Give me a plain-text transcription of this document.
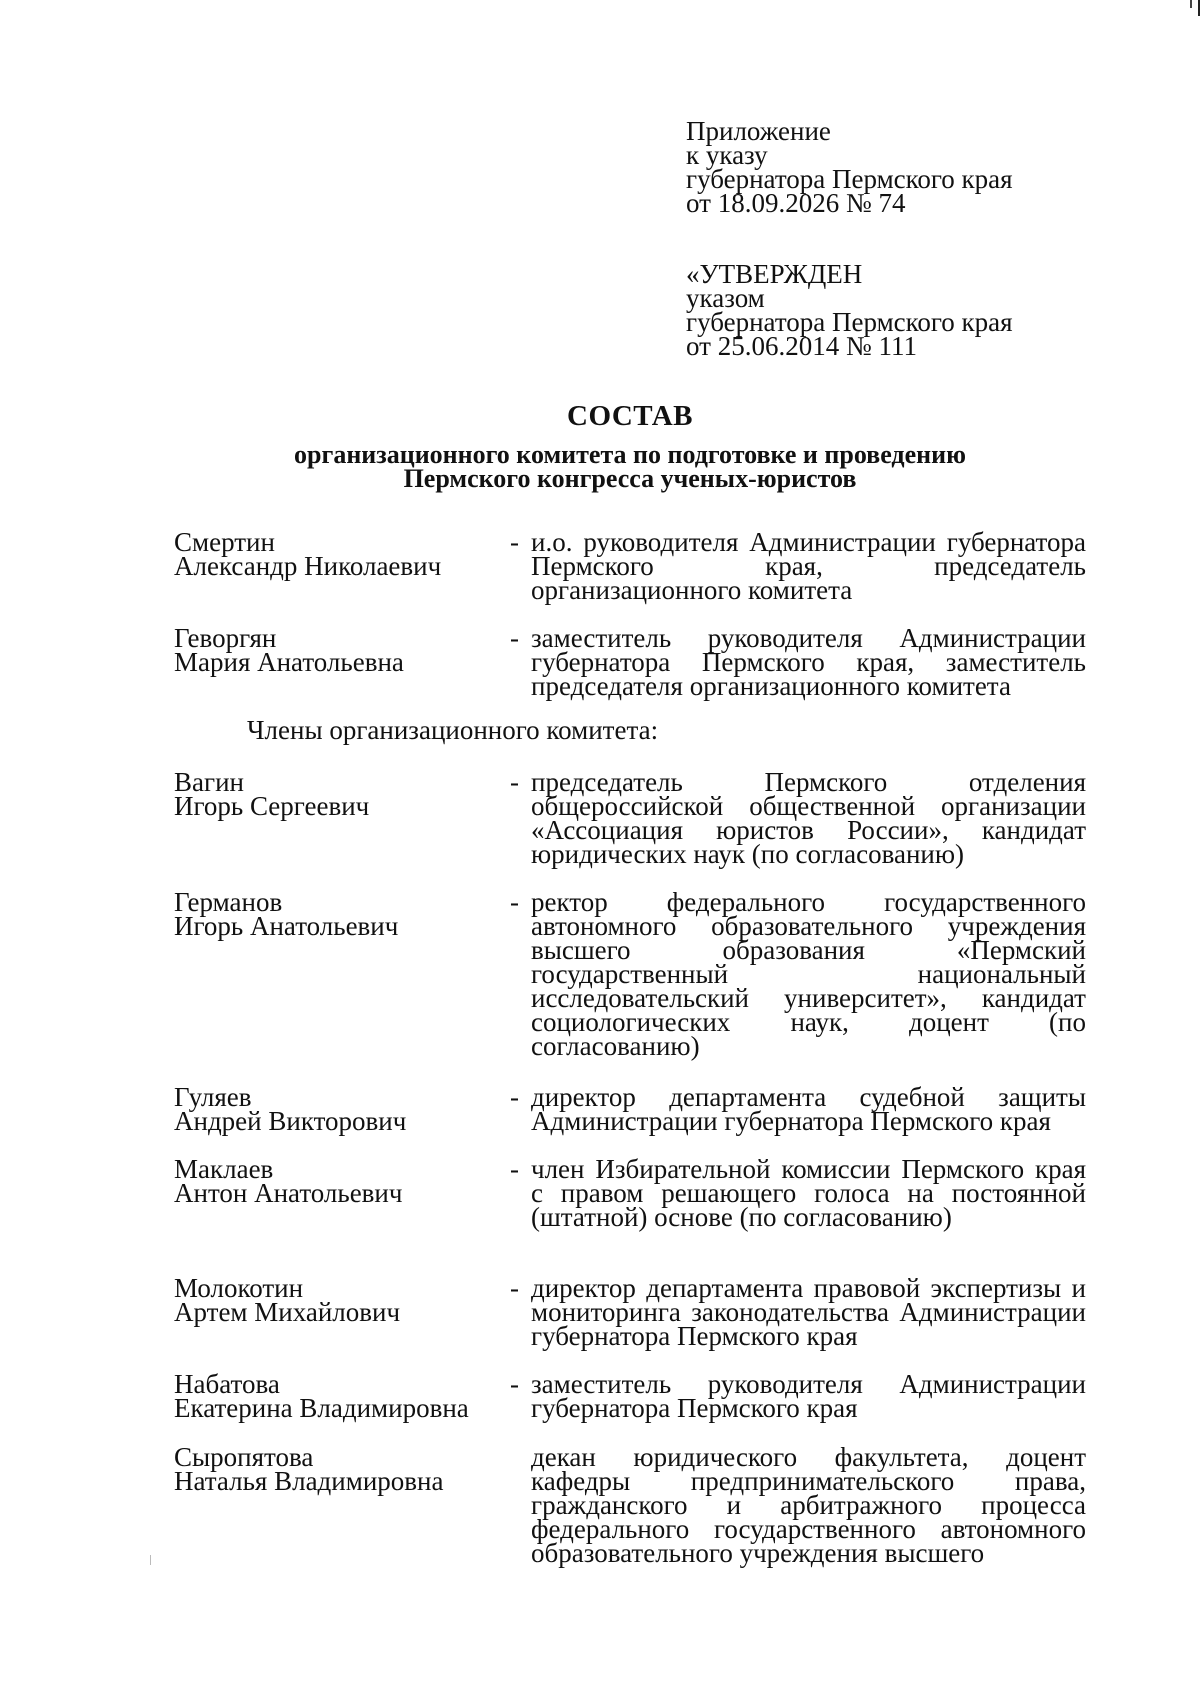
Приложение
к указу
губернатора Пермского края
от 18.09.2026 № 74
«УТВЕРЖДЕН
указом
губернатора Пермского края
от 25.06.2014 № 111
СОСТАВ
организационного комитета по подготовке и проведению
Пермского конгресса ученых-юристов
Смертин
Александр Николаевич
- и.о. руководителя Администрации губернатора Пермского края, председатель организационного комитета
Геворгян
Мария Анатольевна
- заместитель руководителя Администрации губернатора Пермского края, заместитель председателя организационного комитета
Члены организационного комитета:
Вагин
Игорь Сергеевич
- председатель Пермского отделения общероссийской общественной организации «Ассоциация юристов России», кандидат юридических наук (по согласованию)
Германов
Игорь Анатольевич
- ректор федерального государственного автономного образовательного учреждения высшего образования «Пермский государственный национальный исследовательский университет», кандидат социологических наук, доцент (по согласованию)
Гуляев
Андрей Викторович
- директор департамента судебной защиты Администрации губернатора Пермского края
Маклаев
Антон Анатольевич
- член Избирательной комиссии Пермского края с правом решающего голоса на постоянной (штатной) основе (по согласованию)
Молокотин
Артем Михайлович
- директор департамента правовой экспертизы и мониторинга законодательства Администрации губернатора Пермского края
Набатова
Екатерина Владимировна
- заместитель руководителя Администрации губернатора Пермского края
Сыропятова
Наталья Владимировна
декан юридического факультета, доцент кафедры предпринимательского права, гражданского и арбитражного процесса федерального государственного автономного образовательного учреждения высшего
